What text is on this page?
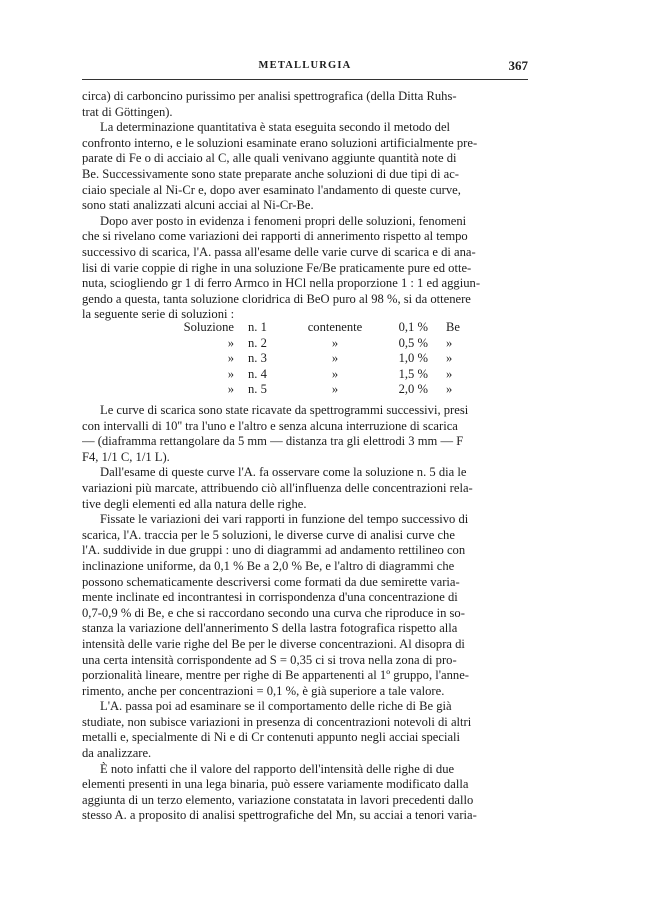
METALLURGIA	367
circa) di carboncino purissimo per analisi spettrografica (della Ditta Ruhs-
trat di Göttingen).
La determinazione quantitativa è stata eseguita secondo il metodo del
confronto interno, e le soluzioni esaminate erano soluzioni artificialmente pre-
parate di Fe o di acciaio al C, alle quali venivano aggiunte quantità note di
Be. Successivamente sono state preparate anche soluzioni di due tipi di ac-
ciaio speciale al Ni-Cr e, dopo aver esaminato l'andamento di queste curve,
sono stati analizzati alcuni acciai al Ni-Cr-Be.
Dopo aver posto in evidenza i fenomeni propri delle soluzioni, fenomeni
che si rivelano come variazioni dei rapporti di annerimento rispetto al tempo
successivo di scarica, l'A. passa all'esame delle varie curve di scarica e di ana-
lisi di varie coppie di righe in una soluzione Fe/Be praticamente pure ed otte-
nuta, sciogliendo gr 1 di ferro Armco in HCl nella proporzione 1 : 1 ed aggiun-
gendo a questa, tanta soluzione cloridrica di BeO puro al 98 %, si da ottenere
la seguente serie di soluzioni :
Soluzione	n. 1	contenente	0,1 %	Be
»	n. 2	»	0,5 %	»
»	n. 3	»	1,0 %	»
»	n. 4	»	1,5 %	»
»	n. 5	»	2,0 %	»
Le curve di scarica sono state ricavate da spettrogrammi successivi, presi
con intervalli di 10'' tra l'uno e l'altro e senza alcuna interruzione di scarica
— (diaframma rettangolare da 5 mm — distanza tra gli elettrodi 3 mm — F
F4, 1/1 C, 1/1 L).
Dall'esame di queste curve l'A. fa osservare come la soluzione n. 5 dia le
variazioni più marcate, attribuendo ciò all'influenza delle concentrazioni rela-
tive degli elementi ed alla natura delle righe.
Fissate le variazioni dei vari rapporti in funzione del tempo successivo di
scarica, l'A. traccia per le 5 soluzioni, le diverse curve di analisi curve che
l'A. suddivide in due gruppi : uno di diagrammi ad andamento rettilineo con
inclinazione uniforme, da 0,1 % Be a 2,0 % Be, e l'altro di diagrammi che
possono schematicamente descriversi come formati da due semirette varia-
mente inclinate ed incontrantesi in corrispondenza d'una concentrazione di
0,7-0,9 % di Be, e che si raccordano secondo una curva che riproduce in so-
stanza la variazione dell'annerimento S della lastra fotografica rispetto alla
intensità delle varie righe del Be per le diverse concentrazioni. Al disopra di
una certa intensità corrispondente ad S = 0,35 ci si trova nella zona di pro-
porzionalità lineare, mentre per righe di Be appartenenti al 1º gruppo, l'anne-
rimento, anche per concentrazioni = 0,1 %, è già superiore a tale valore.
L'A. passa poi ad esaminare se il comportamento delle riche di Be già
studiate, non subisce variazioni in presenza di concentrazioni notevoli di altri
metalli e, specialmente di Ni e di Cr contenuti appunto negli acciai speciali
da analizzare.
È noto infatti che il valore del rapporto dell'intensità delle righe di due
elementi presenti in una lega binaria, può essere variamente modificato dalla
aggiunta di un terzo elemento, variazione constatata in lavori precedenti dallo
stesso A. a proposito di analisi spettrografiche del Mn, su acciai a tenori varia-
